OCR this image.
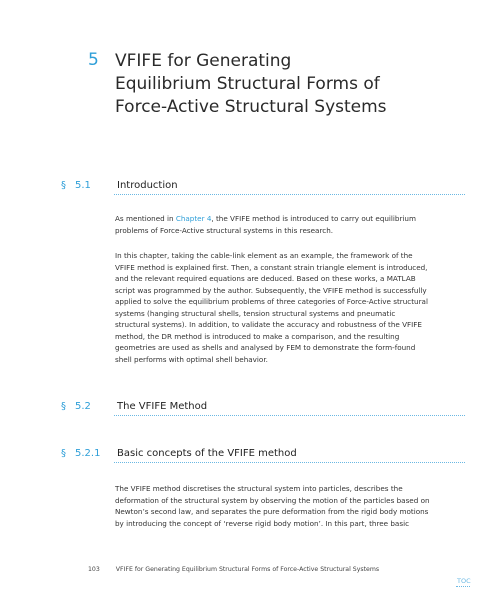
5 VFIFE for Generating
Equilibrium Structural Forms of
Force-Active Structural Systems
§ 5.1	Introduction
As mentioned in Chapter 4, the VFIFE method is introduced to carry out equilibrium
problems of Force-Active structural systems in this research.
In this chapter, taking the cable-link element as an example, the framework of the
VFIFE method is explained first. Then, a constant strain triangle element is introduced,
and the relevant required equations are deduced. Based on these works, a MATLAB
script was programmed by the author. Subsequently, the VFIFE method is successfully
applied to solve the equilibrium problems of three categories of Force-Active structural
systems (hanging structural shells, tension structural systems and pneumatic
structural systems). In addition, to validate the accuracy and robustness of the VFIFE
method, the DR method is introduced to make a comparison, and the resulting
geometries are used as shells and analysed by FEM to demonstrate the form-found
shell performs with optimal shell behavior.
§ 5.2	The VFIFE Method
§ 5.2.1 Basic concepts of the VFIFE method
The VFIFE method discretises the structural system into particles, describes the
deformation of the structural system by observing the motion of the particles based on
Newton’s second law, and separates the pure deformation from the rigid body motions
by introducing the concept of ‘reverse rigid body motion’. In this part, three basic
103	VFIFE for Generating Equilibrium Structural Forms of Force-Active Structural Systems
TOC
